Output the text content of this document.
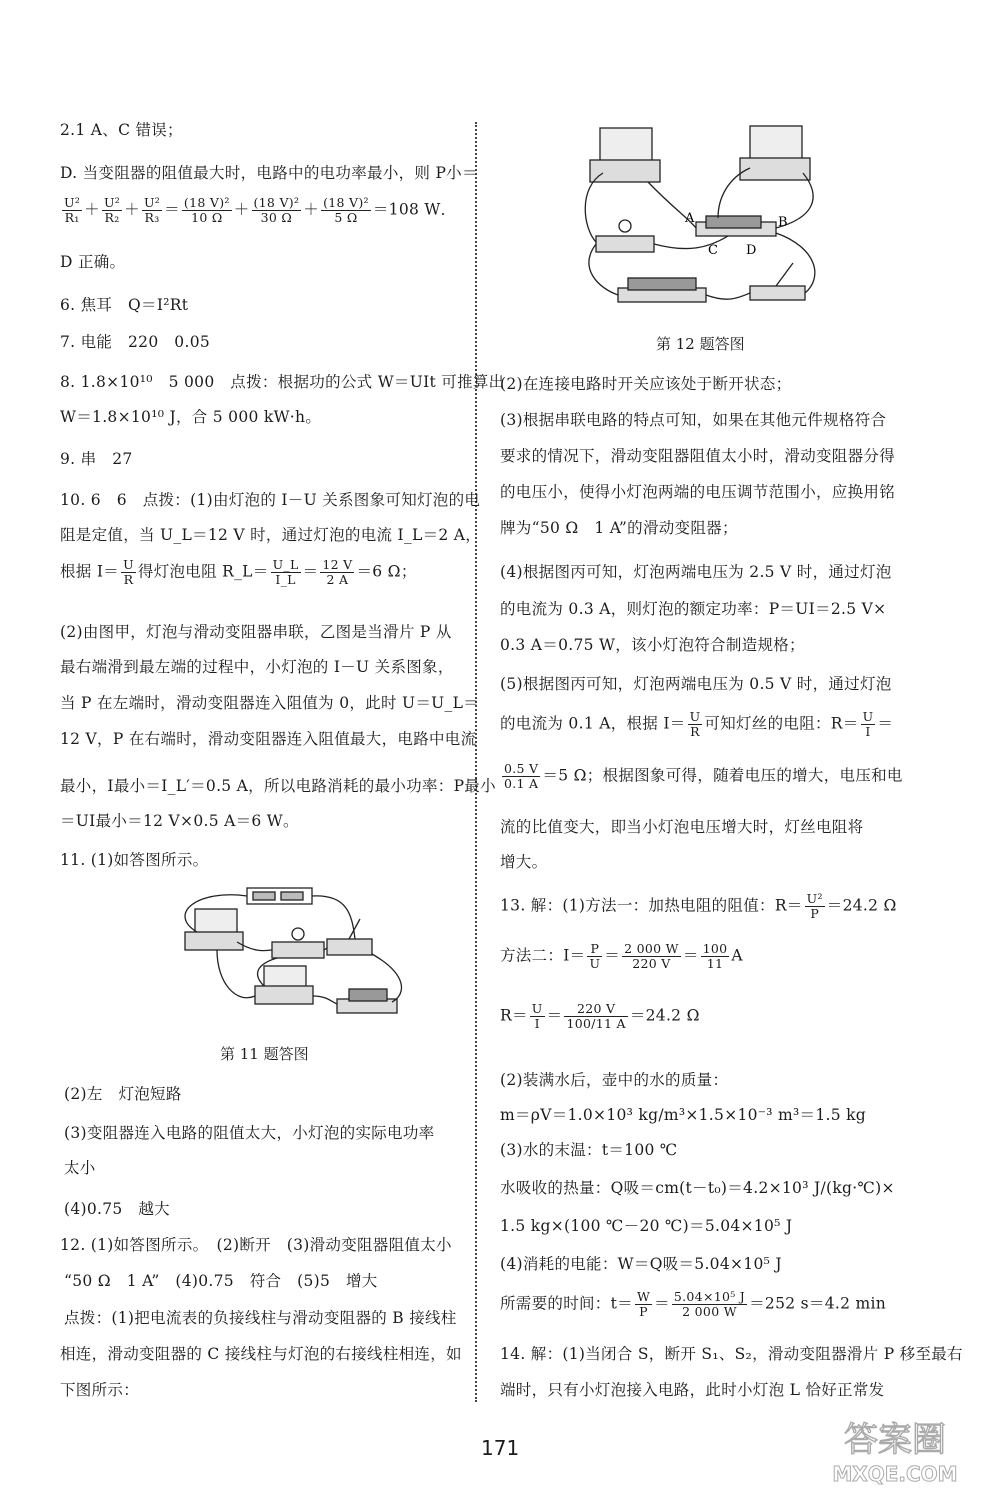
2.1 A、C 错误；
D. 当变阻器的阻值最大时，电路中的电功率最小，则 P小＝
$\frac{\text{U²}}{\text{R₁}} + \frac{\text{U²}}{\text{R₂}} + \frac{\text{U²}}{\text{R₃}} = \frac{\text{(18 V)²}}{10 \Omega} + \frac{\text{(18 V)²}}{30 \Omega} + \frac{\text{(18 V)²}}{5 \Omega} =108$ W．
D 正确。
6. 焦耳　Q＝I²Rt
7. 电能　220　0.05
8. 1.8×10¹⁰　5 000　点拨：根据功的公式 W＝UIt 可推算出
W＝1.8×10¹⁰ J，合 5 000 kW·h。
9. 串　27
10. 6　6　点拨：(1)由灯泡的 I－U 关系图象可知灯泡的电
阻是定值，当 U_L＝12 V 时，通过灯泡的电流 I_L＝2 A，
根据 $I= \frac{U}{R}$ 得灯泡电阻 R_L＝ $\frac{U\_L}{I\_L} = \frac{12 V}{2 A} =6$ Ω；
(2)由图甲，灯泡与滑动变阻器串联，乙图是当滑片 P 从
最右端滑到最左端的过程中，小灯泡的 I－U 关系图象，
当 P 在左端时，滑动变阻器连入阻值为 0，此时 U＝U_L＝
12 V，P 在右端时，滑动变阻器连入阻值最大，电路中电流
最小，I最小＝I_L′＝0.5 A，所以电路消耗的最小功率：P最小
＝UI最小＝12 V×0.5 A＝6 W。
11. (1)如答图所示。
第 11 题答图
(2)左　灯泡短路
(3)变阻器连入电路的阻值太大，小灯泡的实际电功率
太小
(4)0.75　越大
12. (1)如答图所示。　(2)断开　(3)滑动变阻器阻值太小
“50 Ω　1 A”　(4)0.75　符合　(5)5　增大
点拨：(1)把电流表的负接线柱与滑动变阻器的 B 接线柱
相连，滑动变阻器的 C 接线柱与灯泡的右接线柱相连，如
下图所示：
A	B
C D
第 12 题答图
(2)在连接电路时开关应该处于断开状态；
(3)根据串联电路的特点可知，如果在其他元件规格符合
要求的情况下，滑动变阻器阻值太小时，滑动变阻器分得
的电压小，使得小灯泡两端的电压调节范围小，应换用铭
牌为“50 Ω　1 A”的滑动变阻器；
(4)根据图丙可知，灯泡两端电压为 2.5 V 时，通过灯泡
的电流为 0.3 A，则灯泡的额定功率：P＝UI＝2.5 V×
0.3 A＝0.75 W，该小灯泡符合制造规格；
(5)根据图丙可知，灯泡两端电压为 0.5 V 时，通过灯泡
的电流为 0.1 A，根据 $I= \frac{U}{R}$ 可知灯丝的电阻：$R= \frac{U}{I}$ ＝
$\frac{0.5 V}{0.1 A} =5$ Ω；根据图象可得，随着电压的增大，电压和电
流的比值变大，即当小灯泡电压增大时，灯丝电阻将
增大。
13. 解：(1)方法一：加热电阻的阻值：$R= \frac{\text{U²}}{P} =24.2$ Ω
方法二：$I= \frac{P}{U} = \frac{2 000 W}{220 V} = \frac{100}{11}$ A
$R= \frac{U}{I} = \frac{220 V}{100/11 A} =24.2$ Ω
(2)装满水后，壶中的水的质量：
m＝ρV＝1.0×10³ kg/m³×1.5×10⁻³ m³＝1.5 kg
(3)水的末温：t＝100 ℃
水吸收的热量：Q吸＝cm(t－t₀)＝4.2×10³ J/(kg·℃)×
1.5 kg×(100 ℃－20 ℃)＝5.04×10⁵ J
(4)消耗的电能：W＝Q吸＝5.04×10⁵ J
所需要的时间：$t= \frac{W}{P} = \frac{\text{5.04×10⁵ J}}{2 000 W} =252$ s＝4.2 min
14. 解：(1)当闭合 S，断开 S₁、S₂，滑动变阻器滑片 P 移至最右
端时，只有小灯泡接入电路，此时小灯泡 L 恰好正常发
171	答案圈
MXQE.COM
